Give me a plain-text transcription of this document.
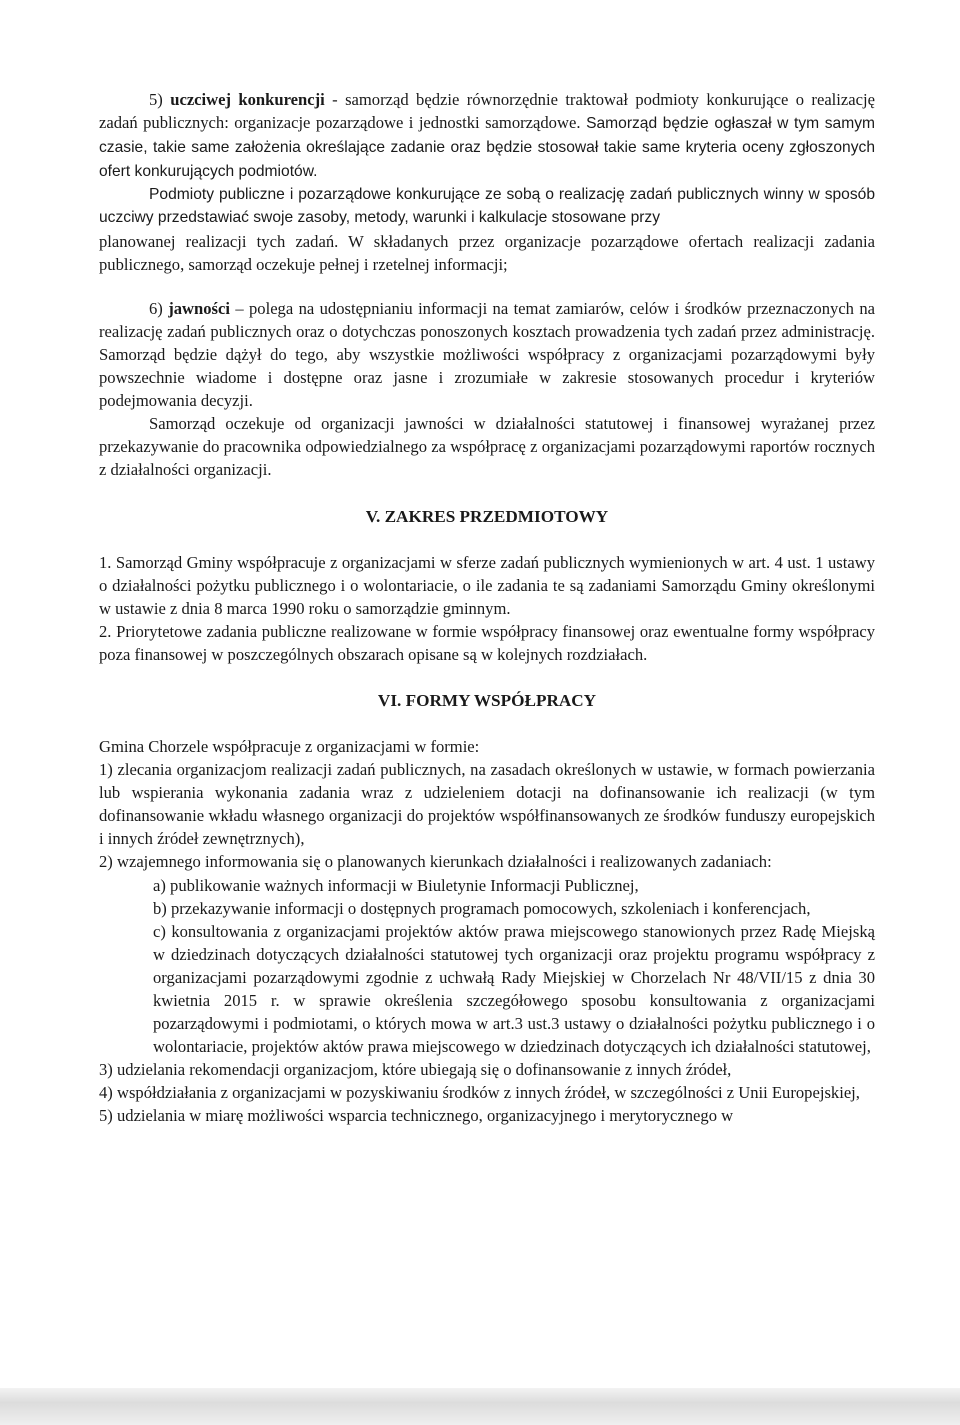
5) uczciwej konkurencji - samorząd będzie równorzędnie traktował podmioty konkurujące o realizację zadań publicznych: organizacje pozarządowe i jednostki samorządowe. Samorząd będzie ogłaszał w tym samym czasie, takie same założenia określające zadanie oraz będzie stosował takie same kryteria oceny zgłoszonych ofert konkurujących podmiotów.

Podmioty publiczne i pozarządowe konkurujące ze sobą o realizację zadań publicznych winny w sposób uczciwy przedstawiać swoje zasoby, metody, warunki i kalkulacje stosowane przy

planowanej realizacji tych zadań. W składanych przez organizacje pozarządowe ofertach realizacji zadania publicznego, samorząd oczekuje pełnej i rzetelnej informacji;

6) jawności – polega na udostępnianiu informacji na temat zamiarów, celów i środków przeznaczonych na realizację zadań publicznych oraz o dotychczas ponoszonych kosztach prowadzenia tych zadań przez administrację. Samorząd będzie dążył do tego, aby wszystkie możliwości współpracy z organizacjami pozarządowymi były powszechnie wiadome i dostępne oraz jasne i zrozumiałe w zakresie stosowanych procedur i kryteriów podejmowania decyzji.

Samorząd oczekuje od organizacji jawności w działalności statutowej i finansowej wyrażanej przez przekazywanie do pracownika odpowiedzialnego za współpracę z organizacjami pozarządowymi raportów rocznych z działalności organizacji.

V. ZAKRES PRZEDMIOTOWY

1. Samorząd Gminy współpracuje z organizacjami w sferze zadań publicznych wymienionych w art. 4 ust. 1 ustawy o działalności pożytku publicznego i o wolontariacie, o ile zadania te są zadaniami Samorządu Gminy określonymi w ustawie z dnia 8 marca 1990 roku o samorządzie gminnym.

2. Priorytetowe zadania publiczne realizowane w formie współpracy finansowej oraz ewentualne formy współpracy poza finansowej w poszczególnych obszarach opisane są w kolejnych rozdziałach.

VI. FORMY WSPÓŁPRACY

Gmina Chorzele współpracuje z organizacjami w formie:

1) zlecania organizacjom realizacji zadań publicznych, na zasadach określonych w ustawie, w formach powierzania lub wspierania wykonania zadania wraz z udzieleniem dotacji na dofinansowanie ich realizacji (w tym dofinansowanie wkładu własnego organizacji do projektów współfinansowanych ze środków funduszy europejskich i innych źródeł zewnętrznych),

2) wzajemnego informowania się o planowanych kierunkach działalności i realizowanych zadaniach:

a) publikowanie ważnych informacji w Biuletynie Informacji Publicznej,

b) przekazywanie informacji o dostępnych programach pomocowych, szkoleniach i konferencjach,

c) konsultowania z organizacjami projektów aktów prawa miejscowego stanowionych przez Radę Miejską w dziedzinach dotyczących działalności statutowej tych organizacji oraz projektu programu współpracy z organizacjami pozarządowymi zgodnie z uchwałą Rady Miejskiej w Chorzelach Nr 48/VII/15 z dnia 30 kwietnia 2015 r. w sprawie określenia szczegółowego sposobu konsultowania z organizacjami pozarządowymi i podmiotami, o których mowa w art.3 ust.3 ustawy o działalności pożytku publicznego i o wolontariacie, projektów aktów prawa miejscowego w dziedzinach dotyczących ich działalności statutowej,

3) udzielania rekomendacji organizacjom, które ubiegają się o dofinansowanie z innych źródeł,

4) współdziałania z organizacjami w pozyskiwaniu środków z innych źródeł, w szczególności z Unii Europejskiej,

5) udzielania w miarę możliwości wsparcia technicznego, organizacyjnego i merytorycznego w
